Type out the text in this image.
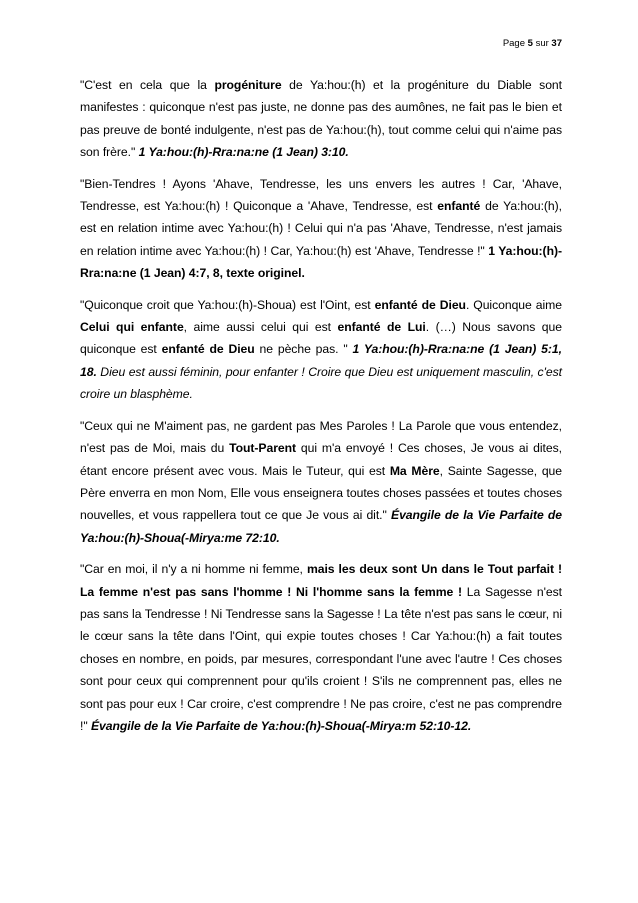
Page 5 sur 37

"C'est en cela que la progéniture de Ya:hou:(h) et la progéniture du Diable sont manifestes : quiconque n'est pas juste, ne donne pas des aumônes, ne fait pas le bien et pas preuve de bonté indulgente, n'est pas de Ya:hou:(h), tout comme celui qui n'aime pas son frère." 1 Ya:hou:(h)-Rra:na:ne (1 Jean) 3:10.

"Bien-Tendres ! Ayons 'Ahave, Tendresse, les uns envers les autres ! Car, 'Ahave, Tendresse, est Ya:hou:(h) ! Quiconque a 'Ahave, Tendresse, est enfanté de Ya:hou:(h), est en relation intime avec Ya:hou:(h) ! Celui qui n'a pas 'Ahave, Tendresse, n'est jamais en relation intime avec Ya:hou:(h) ! Car, Ya:hou:(h) est 'Ahave, Tendresse !" 1 Ya:hou:(h)-Rra:na:ne (1 Jean) 4:7, 8, texte originel.

"Quiconque croit que Ya:hou:(h)-Shoua) est l'Oint, est enfanté de Dieu. Quiconque aime Celui qui enfante, aime aussi celui qui est enfanté de Lui. (…) Nous savons que quiconque est enfanté de Dieu ne pèche pas. " 1 Ya:hou:(h)-Rra:na:ne (1 Jean) 5:1, 18. Dieu est aussi féminin, pour enfanter ! Croire que Dieu est uniquement masculin, c'est croire un blasphème.

"Ceux qui ne M'aiment pas, ne gardent pas Mes Paroles ! La Parole que vous entendez, n'est pas de Moi, mais du Tout-Parent qui m'a envoyé ! Ces choses, Je vous ai dites, étant encore présent avec vous. Mais le Tuteur, qui est Ma Mère, Sainte Sagesse, que Père enverra en mon Nom, Elle vous enseignera toutes choses passées et toutes choses nouvelles, et vous rappellera tout ce que Je vous ai dit." Évangile de la Vie Parfaite de Ya:hou:(h)-Shoua(-Mirya:me 72:10.

"Car en moi, il n'y a ni homme ni femme, mais les deux sont Un dans le Tout parfait ! La femme n'est pas sans l'homme ! Ni l'homme sans la femme ! La Sagesse n'est pas sans la Tendresse ! Ni Tendresse sans la Sagesse ! La tête n'est pas sans le cœur, ni le cœur sans la tête dans l'Oint, qui expie toutes choses ! Car Ya:hou:(h) a fait toutes choses en nombre, en poids, par mesures, correspondant l'une avec l'autre ! Ces choses sont pour ceux qui comprennent pour qu'ils croient ! S'ils ne comprennent pas, elles ne sont pas pour eux ! Car croire, c'est comprendre ! Ne pas croire, c'est ne pas comprendre !" Évangile de la Vie Parfaite de Ya:hou:(h)-Shoua(-Mirya:m 52:10-12.
